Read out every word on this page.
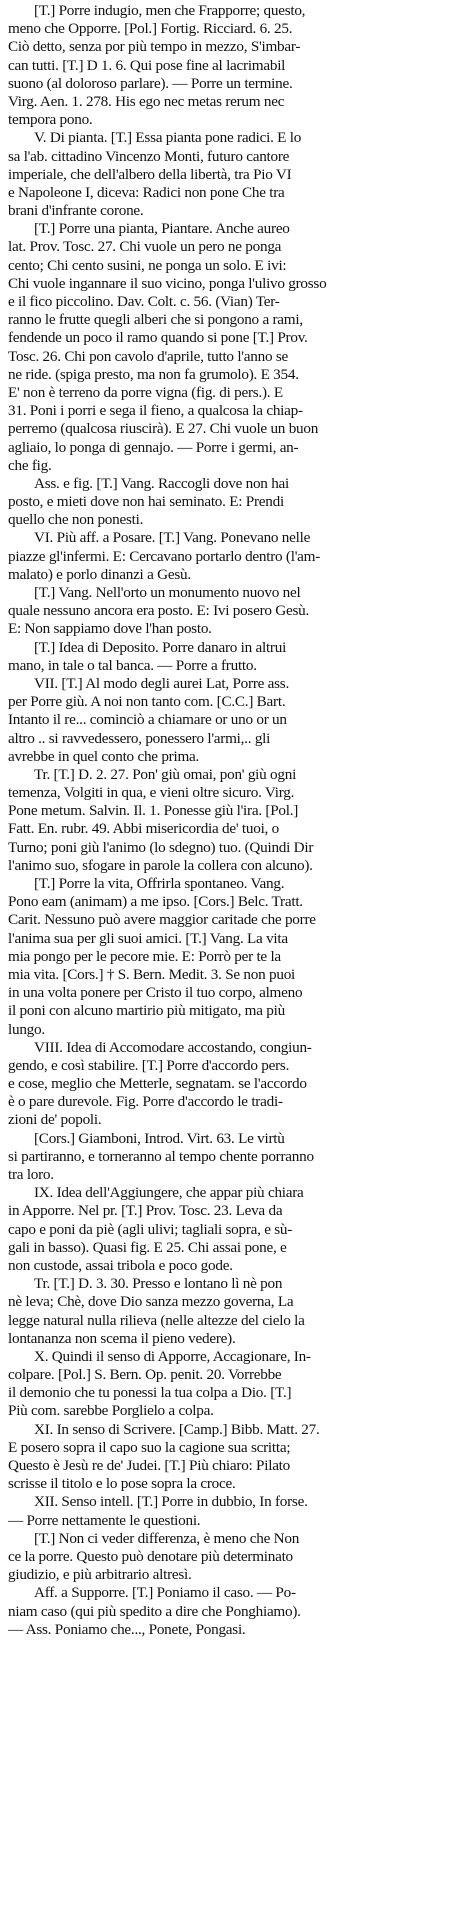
[T.] Porre indugio, men che Frapporre; questo,
meno che Opporre. [Pol.] Fortig. Ricciard. 6. 25.
Ciò detto, senza por più tempo in mezzo, S'imbar-
can tutti. [T.] D 1. 6. Qui pose fine al lacrimabil
suono (al doloroso parlare). — Porre un termine.
Virg. Aen. 1. 278. His ego nec metas rerum nec
tempora pono.
V. Di pianta. [T.] Essa pianta pone radici. E lo
sa l'ab. cittadino Vincenzo Monti, futuro cantore
imperiale, che dell'albero della libertà, tra Pio VI
e Napoleone I, diceva: Radici non pone Che tra
brani d'infrante corone.
[T.] Porre una pianta, Piantare. Anche aureo
lat. Prov. Tosc. 27. Chi vuole un pero ne ponga
cento; Chi cento susini, ne ponga un solo. E ivi:
Chi vuole ingannare il suo vicino, ponga l'ulivo grosso
e il fico piccolino. Dav. Colt. c. 56. (Vian) Ter-
ranno le frutte quegli alberi che si pongono a rami,
fendende un poco il ramo quando si pone [T.] Prov.
Tosc. 26. Chi pon cavolo d'aprile, tutto l'anno se
ne ride. (spiga presto, ma non fa grumolo). E 354.
E' non è terreno da porre vigna (fig. di pers.). E
31. Poni i porri e sega il fieno, a qualcosa la chiap-
perremo (qualcosa riuscirà). E 27. Chi vuole un buon
agliaio, lo ponga di gennajo. — Porre i germi, an-
che fig.
Ass. e fig. [T.] Vang. Raccogli dove non hai
posto, e mieti dove non hai seminato. E: Prendi
quello che non ponesti.
VI. Più aff. a Posare. [T.] Vang. Ponevano nelle
piazze gl'infermi. E: Cercavano portarlo dentro (l'am-
malato) e porlo dinanzi a Gesù.
[T.] Vang. Nell'orto un monumento nuovo nel
quale nessuno ancora era posto. E: Ivi posero Gesù.
E: Non sappiamo dove l'han posto.
[T.] Idea di Deposito. Porre danaro in altrui
mano, in tale o tal banca. — Porre a frutto.
VII. [T.] Al modo degli aurei Lat, Porre ass.
per Porre giù. A noi non tanto com. [C.C.] Bart.
Intanto il re... cominciò a chiamare or uno or un
altro .. si ravvedessero, ponessero l'armi,.. gli
avrebbe in quel conto che prima.
Tr. [T.] D. 2. 27. Pon' giù omai, pon' giù ogni
temenza, Volgiti in qua, e vieni oltre sicuro. Virg.
Pone metum. Salvin. Il. 1. Ponesse giù l'ira. [Pol.]
Fatt. En. rubr. 49. Abbi misericordia de' tuoi, o
Turno; poni giù l'animo (lo sdegno) tuo. (Quindi Dir
l'animo suo, sfogare in parole la collera con alcuno).
[T.] Porre la vita, Offrirla spontaneo. Vang.
Pono eam (animam) a me ipso. [Cors.] Belc. Tratt.
Carit. Nessuno può avere maggior caritade che porre
l'anima sua per gli suoi amici. [T.] Vang. La vita
mia pongo per le pecore mie. E: Porrò per te la
mia vita. [Cors.] † S. Bern. Medit. 3. Se non puoi
in una volta ponere per Cristo il tuo corpo, almeno
il poni con alcuno martirio più mitigato, ma più
lungo.
VIII. Idea di Accomodare accostando, congiun-
gendo, e così stabilire. [T.] Porre d'accordo pers.
e cose, meglio che Metterle, segnatam. se l'accordo
è o pare durevole. Fig. Porre d'accordo le tradi-
zioni de' popoli.
[Cors.] Giamboni, Introd. Virt. 63. Le virtù
si partiranno, e torneranno al tempo chente porranno
tra loro.
IX. Idea dell'Aggiungere, che appar più chiara
in Apporre. Nel pr. [T.] Prov. Tosc. 23. Leva da
capo e poni da piè (agli ulivi; tagliali sopra, e sù-
gali in basso). Quasi fig. E 25. Chi assai pone, e
non custode, assai tribola e poco gode.
Tr. [T.] D. 3. 30. Presso e lontano lì nè pon
nè leva; Chè, dove Dio sanza mezzo governa, La
legge natural nulla rilieva (nelle altezze del cielo la
lontananza non scema il pieno vedere).
X. Quindi il senso di Apporre, Accagionare, In-
colpare. [Pol.] S. Bern. Op. penit. 20. Vorrebbe
il demonio che tu ponessi la tua colpa a Dio. [T.]
Più com. sarebbe Porglielo a colpa.
XI. In senso di Scrivere. [Camp.] Bibb. Matt. 27.
E posero sopra il capo suo la cagione sua scritta;
Questo è Jesù re de' Judei. [T.] Più chiaro: Pilato
scrisse il titolo e lo pose sopra la croce.
XII. Senso intell. [T.] Porre in dubbio, In forse.
— Porre nettamente le questioni.
[T.] Non ci veder differenza, è meno che Non
ce la porre. Questo può denotare più determinato
giudizio, e più arbitrario altresì.
Aff. a Supporre. [T.] Poniamo il caso. — Po-
niam caso (qui più spedito a dire che Ponghiamo).
— Ass. Poniamo che..., Ponete, Pongasi.
